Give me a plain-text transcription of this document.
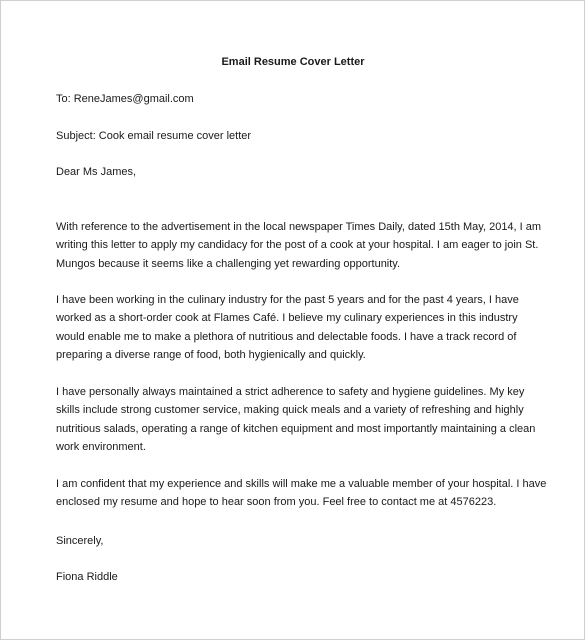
Email Resume Cover Letter
To: ReneJames@gmail.com
Subject: Cook email resume cover letter
Dear Ms James,
With reference to the advertisement in the local newspaper Times Daily, dated 15th May, 2014, I am
writing this letter to apply my candidacy for the post of a cook at your hospital. I am eager to join St.
Mungos because it seems like a challenging yet rewarding opportunity.
I have been working in the culinary industry for the past 5 years and for the past 4 years, I have
worked as a short-order cook at Flames Café. I believe my culinary experiences in this industry
would enable me to make a plethora of nutritious and delectable foods. I have a track record of
preparing a diverse range of food, both hygienically and quickly.
I have personally always maintained a strict adherence to safety and hygiene guidelines. My key
skills include strong customer service, making quick meals and a variety of refreshing and highly
nutritious salads, operating a range of kitchen equipment and most importantly maintaining a clean
work environment.
I am confident that my experience and skills will make me a valuable member of your hospital. I have
enclosed my resume and hope to hear soon from you. Feel free to contact me at 4576223.
Sincerely,
Fiona Riddle
